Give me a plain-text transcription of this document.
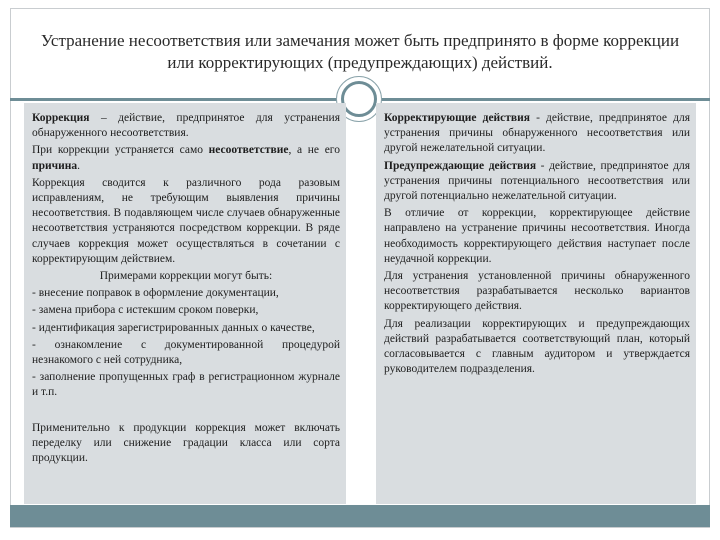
Устранение несоответствия или замечания может быть предпринято в форме коррекции или корректирующих (предупреждающих) действий.

Коррекция – действие, предпринятое для устранения обнаруженного несоответствия.

При коррекции устраняется само несоответствие, а не его причина.

Коррекция сводится к различного рода разовым исправлениям, не требующим выявления причины несоответствия. В подавляющем числе случаев обнаруженные несоответствия устраняются посредством коррекции. В ряде случаев коррекция может осуществляться в сочетании с корректирующим действием.

Примерами коррекции могут быть:

- внесение поправок в оформление документации,

- замена прибора с истекшим сроком поверки,

- идентификация зарегистрированных данных о качестве,

- ознакомление с документированной процедурой незнакомого с ней сотрудника,

- заполнение пропущенных граф в регистрационном журнале и т.п.

Применительно к продукции коррекция может включать переделку или снижение градации класса или сорта продукции.

Корректирующие действия - действие, предпринятое для устранения причины обнаруженного несоответствия или другой нежелательной ситуации.

Предупреждающие действия - действие, предпринятое для устранения причины потенциального несоответствия или другой потенциально нежелательной ситуации.

В отличие от коррекции, корректирующее действие направлено на устранение причины несоответствия. Иногда необходимость корректирующего действия наступает после неудачной коррекции.

Для устранения установленной причины обнаруженного несоответствия разрабатывается несколько вариантов корректирующего действия.

Для реализации корректирующих и предупреждающих действий разрабатывается соответствующий план, который согласовывается с главным аудитором и утверждается руководителем подразделения.
